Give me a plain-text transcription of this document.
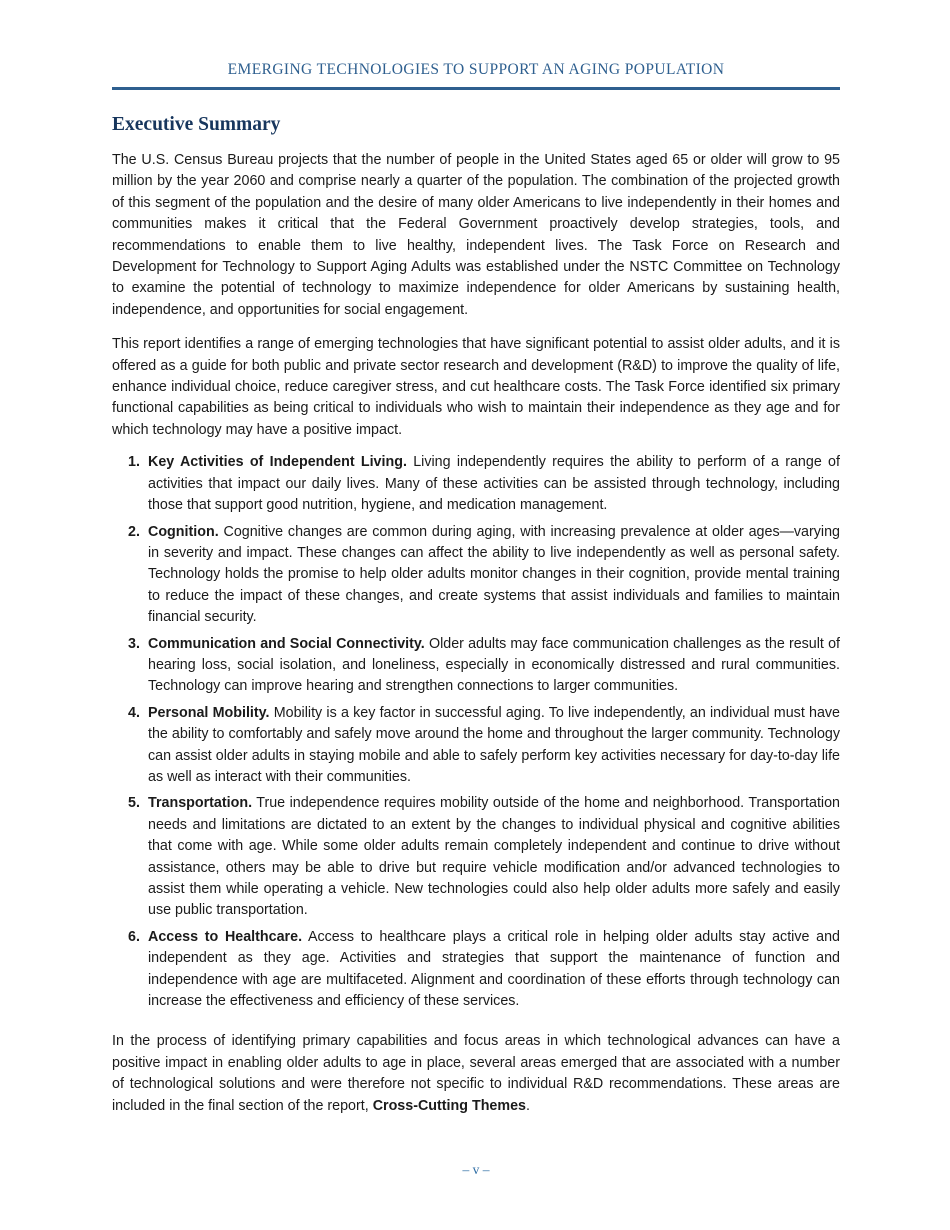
EMERGING TECHNOLOGIES TO SUPPORT AN AGING POPULATION
Executive Summary

The U.S. Census Bureau projects that the number of people in the United States aged 65 or older will grow to 95 million by the year 2060 and comprise nearly a quarter of the population. The combination of the projected growth of this segment of the population and the desire of many older Americans to live independently in their homes and communities makes it critical that the Federal Government proactively develop strategies, tools, and recommendations to enable them to live healthy, independent lives. The Task Force on Research and Development for Technology to Support Aging Adults was established under the NSTC Committee on Technology to examine the potential of technology to maximize independence for older Americans by sustaining health, independence, and opportunities for social engagement.

This report identifies a range of emerging technologies that have significant potential to assist older adults, and it is offered as a guide for both public and private sector research and development (R&D) to improve the quality of life, enhance individual choice, reduce caregiver stress, and cut healthcare costs. The Task Force identified six primary functional capabilities as being critical to individuals who wish to maintain their independence as they age and for which technology may have a positive impact.

1. Key Activities of Independent Living. Living independently requires the ability to perform of a range of activities that impact our daily lives. Many of these activities can be assisted through technology, including those that support good nutrition, hygiene, and medication management.
2. Cognition. Cognitive changes are common during aging, with increasing prevalence at older ages—varying in severity and impact. These changes can affect the ability to live independently as well as personal safety. Technology holds the promise to help older adults monitor changes in their cognition, provide mental training to reduce the impact of these changes, and create systems that assist individuals and families to maintain financial security.
3. Communication and Social Connectivity. Older adults may face communication challenges as the result of hearing loss, social isolation, and loneliness, especially in economically distressed and rural communities. Technology can improve hearing and strengthen connections to larger communities.
4. Personal Mobility. Mobility is a key factor in successful aging. To live independently, an individual must have the ability to comfortably and safely move around the home and throughout the larger community. Technology can assist older adults in staying mobile and able to safely perform key activities necessary for day-to-day life as well as interact with their communities.
5. Transportation. True independence requires mobility outside of the home and neighborhood. Transportation needs and limitations are dictated to an extent by the changes to individual physical and cognitive abilities that come with age. While some older adults remain completely independent and continue to drive without assistance, others may be able to drive but require vehicle modification and/or advanced technologies to assist them while operating a vehicle. New technologies could also help older adults more safely and easily use public transportation.
6. Access to Healthcare. Access to healthcare plays a critical role in helping older adults stay active and independent as they age. Activities and strategies that support the maintenance of function and independence with age are multifaceted. Alignment and coordination of these efforts through technology can increase the effectiveness and efficiency of these services.

In the process of identifying primary capabilities and focus areas in which technological advances can have a positive impact in enabling older adults to age in place, several areas emerged that are associated with a number of technological solutions and were therefore not specific to individual R&D recommendations. These areas are included in the final section of the report, Cross-Cutting Themes.

– v –
